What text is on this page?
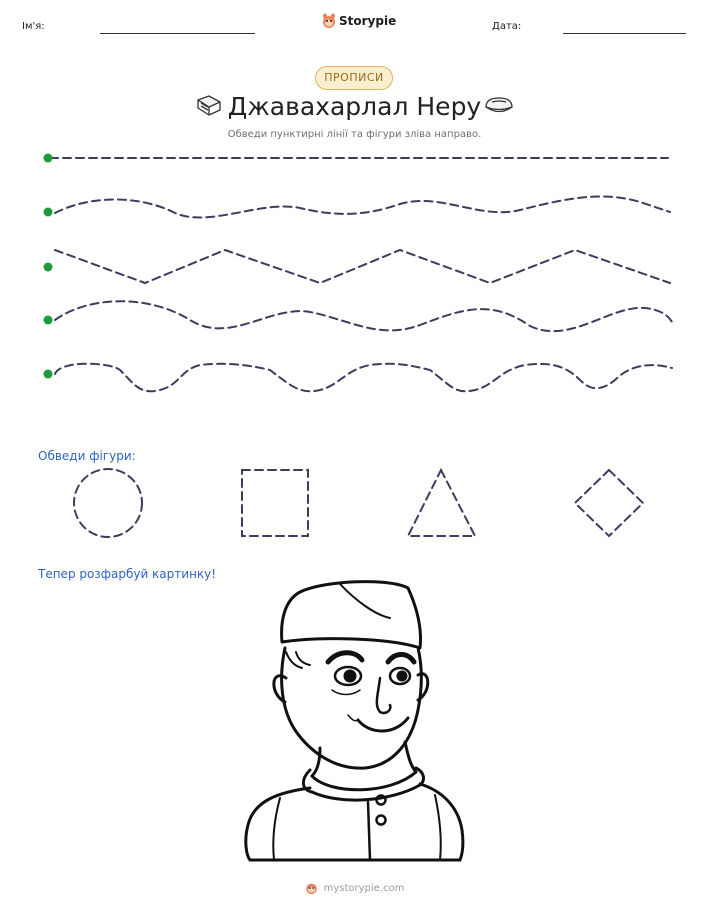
Ім'я:	Storypie	Дата:
ПРОПИСИ
Джавахарлал Неру
Обведи пунктирні лінії та фігури зліва направо.
Обведи фігури:
Тепер розфарбуй картинку!
mystorypie.com
